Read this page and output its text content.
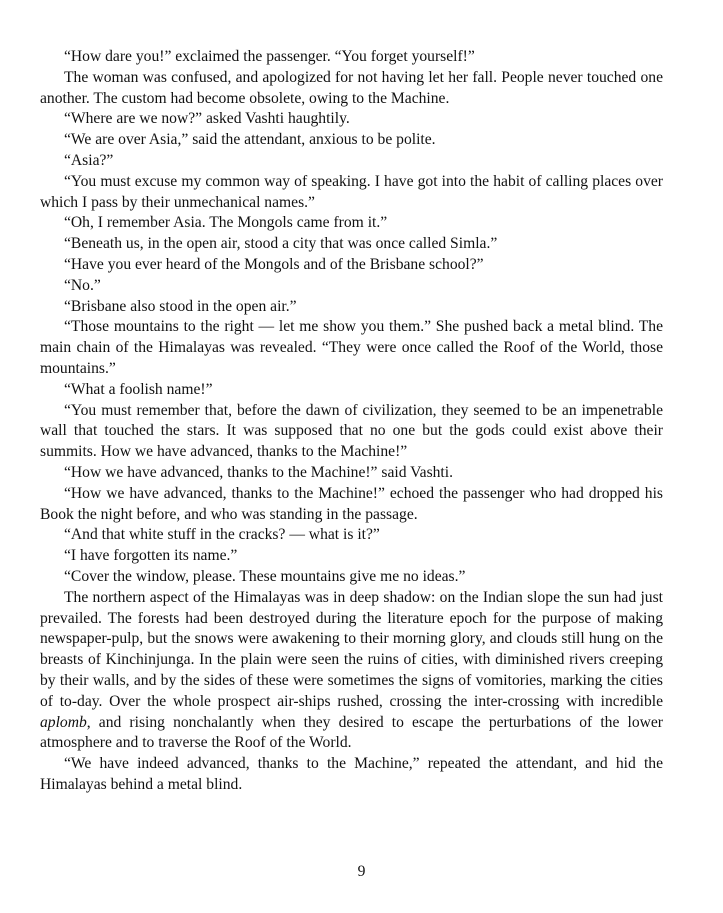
“How dare you!” exclaimed the passenger. “You forget yourself!”

The woman was confused, and apologized for not having let her fall. People never touched one another. The custom had become obsolete, owing to the Machine.

“Where are we now?” asked Vashti haughtily.

“We are over Asia,” said the attendant, anxious to be polite.

“Asia?”

“You must excuse my common way of speaking. I have got into the habit of calling places over which I pass by their unmechanical names.”

“Oh, I remember Asia. The Mongols came from it.”

“Beneath us, in the open air, stood a city that was once called Simla.”

“Have you ever heard of the Mongols and of the Brisbane school?”

“No.”

“Brisbane also stood in the open air.”

“Those mountains to the right — let me show you them.” She pushed back a metal blind. The main chain of the Himalayas was revealed. “They were once called the Roof of the World, those mountains.”

“What a foolish name!”

“You must remember that, before the dawn of civilization, they seemed to be an impenetrable wall that touched the stars. It was supposed that no one but the gods could exist above their summits. How we have advanced, thanks to the Machine!”

“How we have advanced, thanks to the Machine!” said Vashti.

“How we have advanced, thanks to the Machine!” echoed the passenger who had dropped his Book the night before, and who was standing in the passage.

“And that white stuff in the cracks? — what is it?”

“I have forgotten its name.”

“Cover the window, please. These mountains give me no ideas.”

The northern aspect of the Himalayas was in deep shadow: on the Indian slope the sun had just prevailed. The forests had been destroyed during the literature epoch for the purpose of making newspaper-pulp, but the snows were awakening to their morning glory, and clouds still hung on the breasts of Kinchinjunga. In the plain were seen the ruins of cities, with diminished rivers creeping by their walls, and by the sides of these were sometimes the signs of vomitories, marking the cities of to-day. Over the whole prospect air-ships rushed, crossing the inter-crossing with incredible aplomb, and rising nonchalantly when they desired to escape the perturbations of the lower atmosphere and to traverse the Roof of the World.

“We have indeed advanced, thanks to the Machine,” repeated the attendant, and hid the Himalayas behind a metal blind.

9
